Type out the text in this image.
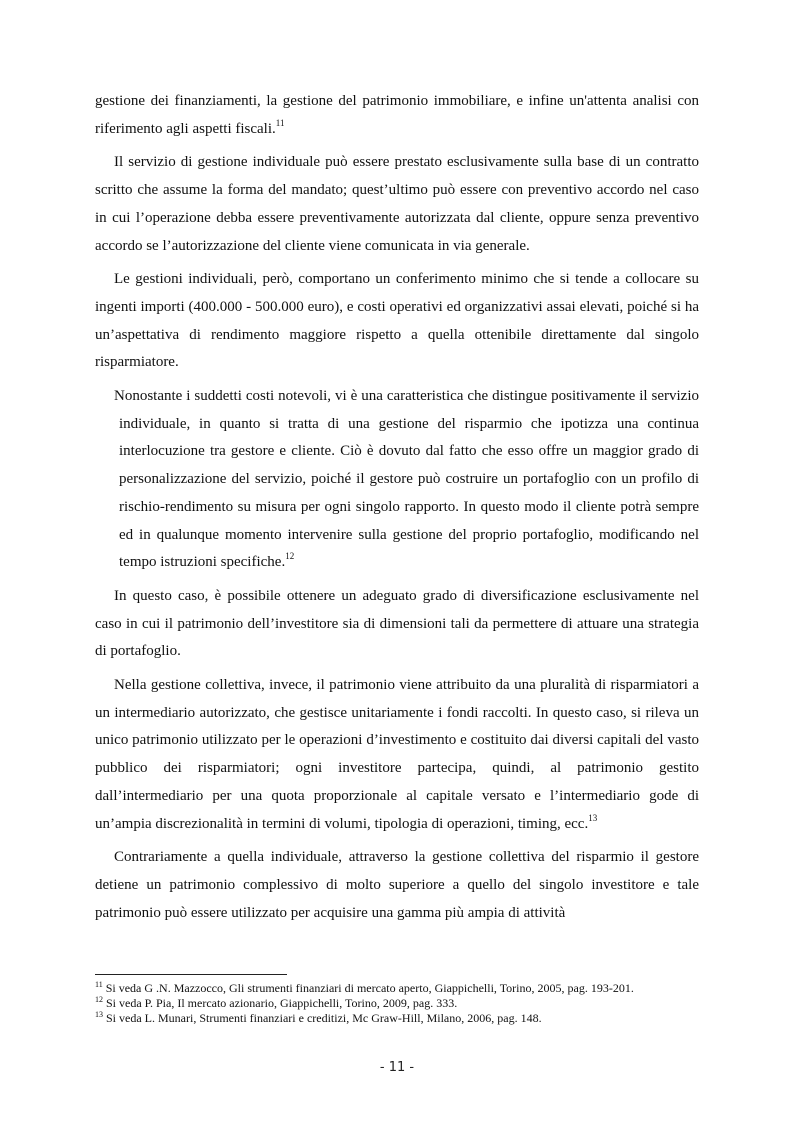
gestione dei finanziamenti, la gestione del patrimonio immobiliare, e infine un'attenta analisi con riferimento agli aspetti fiscali.$^{11}$

Il servizio di gestione individuale può essere prestato esclusivamente sulla base di un contratto scritto che assume la forma del mandato; quest’ultimo può essere con preventivo accordo nel caso in cui l’operazione debba essere preventivamente autorizzata dal cliente, oppure senza preventivo accordo se l’autorizzazione del cliente viene comunicata in via generale.

Le gestioni individuali, però, comportano un conferimento minimo che si tende a collocare su ingenti importi (400.000 - 500.000 euro), e costi operativi ed organizzativi assai elevati, poiché si ha un’aspettativa di rendimento maggiore rispetto a quella ottenibile direttamente dal singolo risparmiatore.

Nonostante i suddetti costi notevoli, vi è una caratteristica che distingue positivamente il servizio individuale, in quanto si tratta di una gestione del risparmio che ipotizza una continua interlocuzione tra gestore e cliente. Ciò è dovuto dal fatto che esso offre un maggior grado di personalizzazione del servizio, poiché il gestore può costruire un portafoglio con un profilo di rischio-rendimento su misura per ogni singolo rapporto. In questo modo il cliente potrà sempre ed in qualunque momento intervenire sulla gestione del proprio portafoglio, modificando nel tempo istruzioni specifiche.$^{12}$

In questo caso, è possibile ottenere un adeguato grado di diversificazione esclusivamente nel caso in cui il patrimonio dell’investitore sia di dimensioni tali da permettere di attuare una strategia di portafoglio.

Nella gestione collettiva, invece, il patrimonio viene attribuito da una pluralità di risparmiatori a un intermediario autorizzato, che gestisce unitariamente i fondi raccolti. In questo caso, si rileva un unico patrimonio utilizzato per le operazioni d’investimento e costituito dai diversi capitali del vasto pubblico dei risparmiatori; ogni investitore partecipa, quindi, al patrimonio gestito dall’intermediario per una quota proporzionale al capitale versato e l’intermediario gode di un’ampia discrezionalità in termini di volumi, tipologia di operazioni, timing, ecc.$^{13}$

Contrariamente a quella individuale, attraverso la gestione collettiva del risparmio il gestore detiene un patrimonio complessivo di molto superiore a quello del singolo investitore e tale patrimonio può essere utilizzato per acquisire una gamma più ampia di attività

$^{11}$ Si veda G .N. Mazzocco, Gli strumenti finanziari di mercato aperto, Giappichelli, Torino, 2005, pag. 193-201.

$^{12}$ Si veda P. Pia, Il mercato azionario, Giappichelli, Torino, 2009, pag. 333.

$^{13}$ Si veda L. Munari, Strumenti finanziari e creditizi, Mc Graw-Hill, Milano, 2006, pag. 148.

- 11 -
